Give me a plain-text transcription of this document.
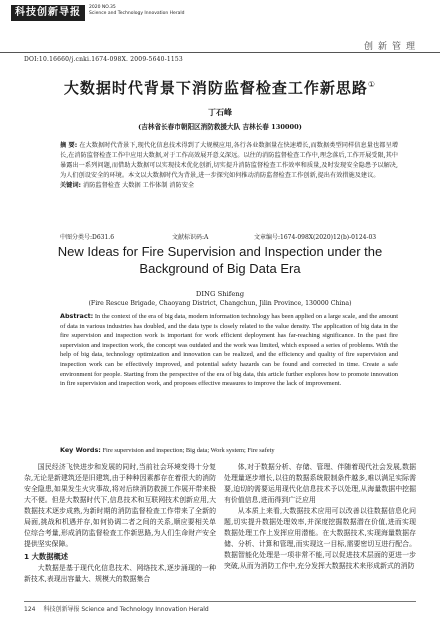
科技创新导报	2020 NO.35
Science and Technology Innovation Herald
创新管理
DOI:10.16660/j.cnki.1674-098X. 2009-5640-1153
大数据时代背景下消防监督检查工作新思路①
丁石峰
(吉林省长春市朝阳区消防救援大队 吉林长春 130000)
摘 要: 在大数据时代背景下,现代化信息技术得到了大规模应用,各行各业数据量在快速增长,而数据类型同样信息量也都呈增长,在消防监督检查工作中应用大数据,对于工作高效展开意义深远。以往的消防监督检查工作中,理念落后,工作开展受限,其中暴露出一系列问题,而借助大数据可以实现技术优化创新,切实提升消防监督检查工作效率和质量,及时发现安全隐患予以解决,为人们创设安全的环境。本文以大数据时代为背景,进一步探究如何推动消防监督检查工作创新,提出有效措施及建议。
关键词: 消防监督检查 大数据 工作体制 消防安全
中图分类号:D631.6	文献标识码:A	文章编号:1674-098X(2020)12(b)-0124-03
New Ideas for Fire Supervision and Inspection under the Background of Big Data Era
DING Shifeng
(Fire Rescue Brigade, Chaoyang District, Changchun, Jilin Province, 130000 China)
Abstract: In the context of the era of big data, modern information technology has been applied on a large scale, and the amount of data in various industries has doubled, and the data type is closely related to the value density. The application of big data in the fire supervision and inspection work is important for work efficient deployment has far-reaching significance. In the past fire supervision and inspection work, the concept was outdated and the work was limited, which exposed a series of problems. With the help of big data, technology optimization and innovation can be realized, and the efficiency and quality of fire supervision and inspection work can be effectively improved, and potential safety hazards can be found and corrected in time. Create a safe environment for people. Starting from the perspective of the era of big data, this article further explores how to promote innovation in fire supervision and inspection work, and proposes effective measures to improve the lack of improvement.
Key Words: Fire supervision and inspection; Big data; Work system; Fire safety

国民经济飞快进步和发展的同时,当前社会环境变得十分复杂,无论是新建筑还是旧建筑,由于种种因素都存在着很大的消防安全隐患,如果发生火灾事故,将对后续消防救援工作展开带来极大不便。但是大数据时代下,信息技术和互联网技术创新应用,大数据技术逐步成熟,为新时期的消防监督检查工作带来了全新的局面,挑战和机遇并存,如何协调二者之间的关系,顺应要相关单位综合考量,形成消防监督检查工作新思路,为人们生命财产安全提供坚实保障。

1 大数据概述

大数据是基于现代化信息技术、网络技术,逐步涌现的一种新技术,表现出容量大、规模大的数据集合

体,对于数据分析、存储、管理、伴随着现代社会发展,数据处理量逐步增长,以往的数据系统限制条件越多,难以满足实际需要,迫切的需要运用现代化信息技术予以处理,从海量数据中挖掘有价值信息,进而得到广泛应用

从本质上来看,大数据技术应用可以改善以往数据信息化问题,切实提升数据处理效率,并深度挖掘数据潜在价值,进而实现数据处理工作上发挥应用潜能。在大数据技术,实现海量数据存储、分析、计算和管理,而实现这一目标,需要密切互进行配合。数据智能化处理是一项非常不能,可以促进技术层面的更进一步突破,从而为消防工作中,充分发挥大数据技术来形成新式的消防

124 科技创新导报 Science and Technology Innovation Herald
